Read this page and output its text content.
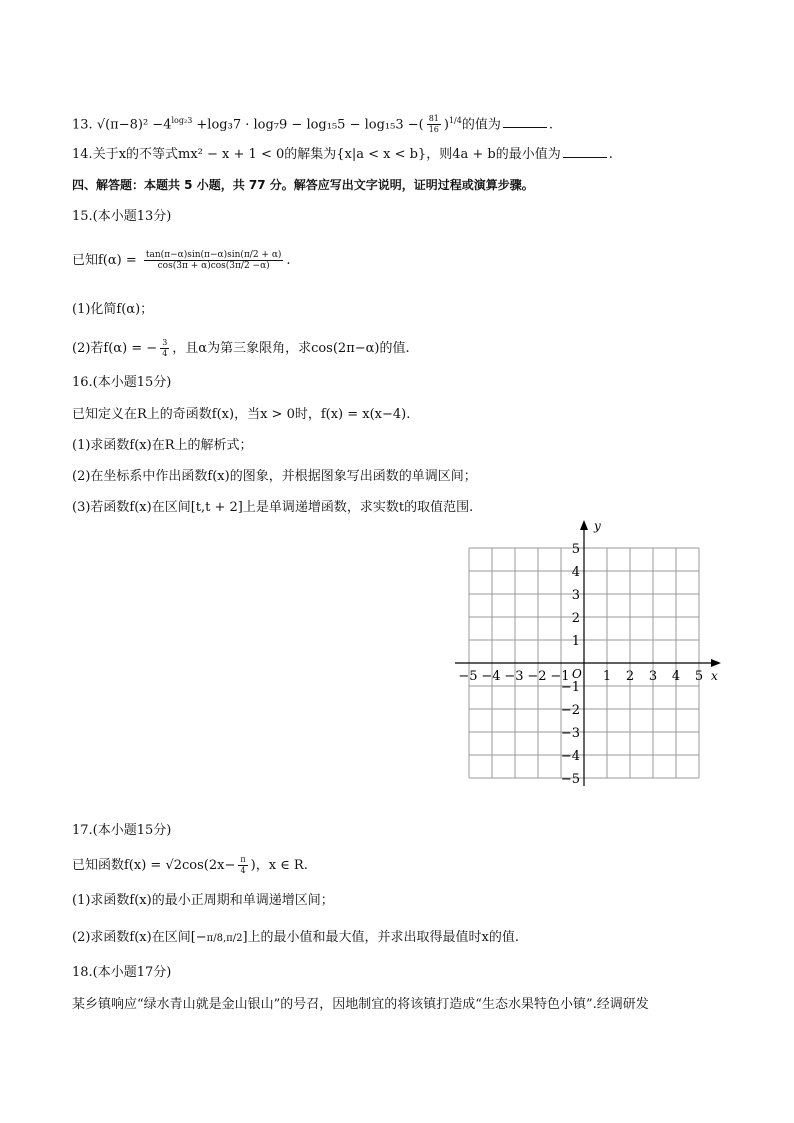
13. $√(\pi-8)^2 -4^{log_23} +\log_37 \cdot \log_79 - \log_{15}5 - \log_{15}3$ −( $\frac{81}{16} )^{1/4}$的值为	.
14.关于x的不等式mx² − x + 1 < 0的解集为{x|a < x < b}，则4a + b的最小值为	.
四、解答题：本题共 5 小题，共 77 分。解答应写出文字说明，证明过程或演算步骤。
15.(本小题13分)
已知$f(\alpha) = \frac{\tan(\pi-\alpha)\sin(\pi-\alpha)\sin(\pi/2 + \alpha)}{\cos(3\pi + \alpha)\cos(3\pi/2 -\alpha)}$ .
(1)化简f(α)；
(2)若f(α) = − $\frac{3}{4}$ ，且α为第三象限角，求cos(2π−α)的值.
16.(本小题15分)
已知定义在R上的奇函数f(x)，当x > 0时，f(x) = x(x−4).
(1)求函数f(x)在R上的解析式；
(2)在坐标系中作出函数f(x)的图象，并根据图象写出函数的单调区间；
(3)若函数f(x)在区间[t,t + 2]上是单调递增函数，求实数t的取值范围.
−5 −4 −3 −2 −1	1 2 3 4 5
5
4
3
2
1
−1
−2
−3
−4
−5
x
y
O
17.(本小题15分)
已知函数$f(x) = √2\cos(2x- \frac{\pi}{4}$ )，x ∈ R.
(1)求函数f(x)的最小正周期和单调递增区间；
(2)求函数f(x)在区间[−π/8,π/2]上的最小值和最大值，并求出取得最值时x的值.
18.(本小题17分)
某乡镇响应“绿水青山就是金山银山”的号召，因地制宜的将该镇打造成“生态水果特色小镇”.经调研发
